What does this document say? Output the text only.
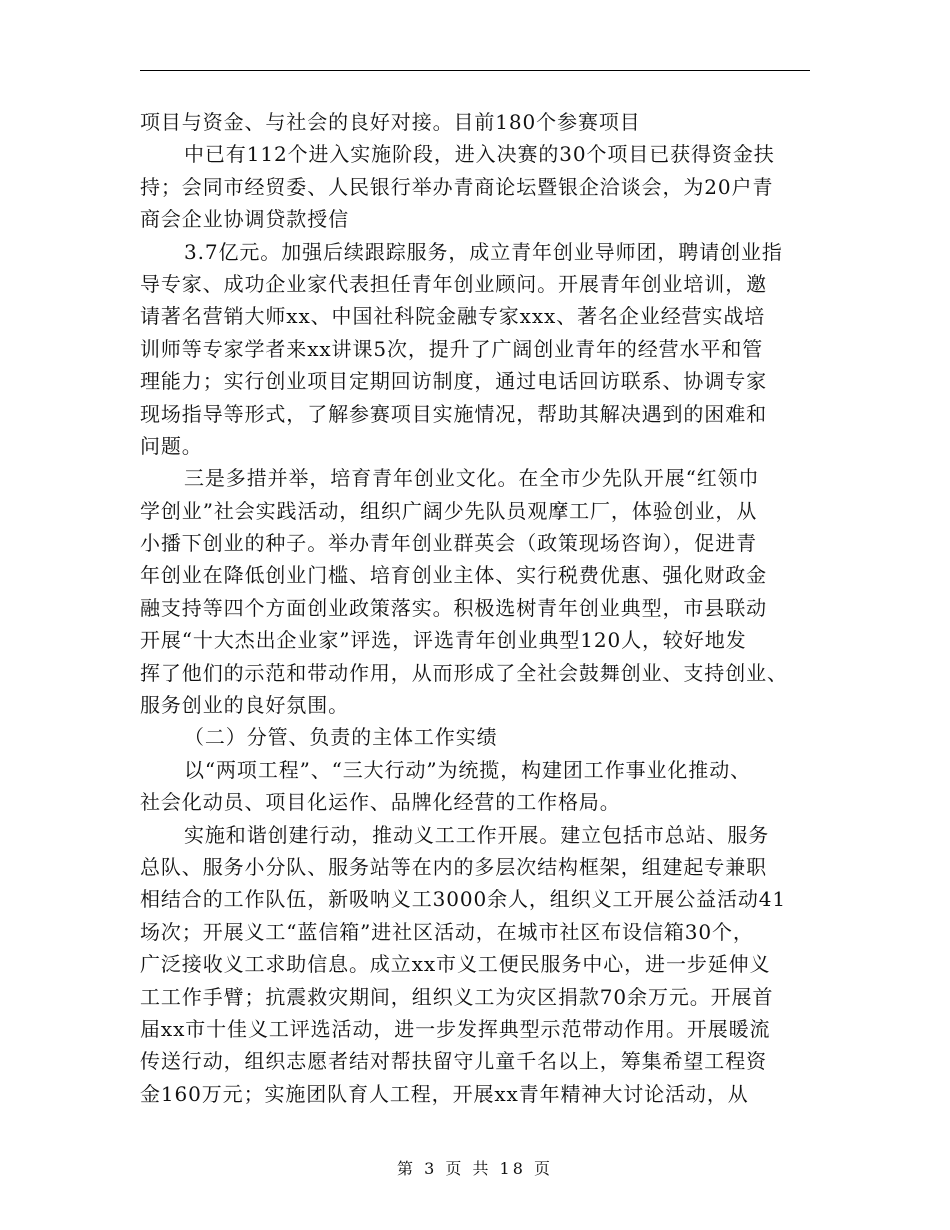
项目与资金、与社会的良好对接。目前180个参赛项目
中已有112个进入实施阶段，进入决赛的30个项目已获得资金扶
持；会同市经贸委、人民银行举办青商论坛暨银企洽谈会，为20户青
商会企业协调贷款授信
3.7亿元。加强后续跟踪服务，成立青年创业导师团，聘请创业指
导专家、成功企业家代表担任青年创业顾问。开展青年创业培训，邀
请著名营销大师xx、中国社科院金融专家xxx、著名企业经营实战培
训师等专家学者来xx讲课5次，提升了广阔创业青年的经营水平和管
理能力；实行创业项目定期回访制度，通过电话回访联系、协调专家
现场指导等形式，了解参赛项目实施情况，帮助其解决遇到的困难和
问题。
三是多措并举，培育青年创业文化。在全市少先队开展“红领巾
学创业”社会实践活动，组织广阔少先队员观摩工厂，体验创业，从
小播下创业的种子。举办青年创业群英会（政策现场咨询），促进青
年创业在降低创业门槛、培育创业主体、实行税费优惠、强化财政金
融支持等四个方面创业政策落实。积极选树青年创业典型，市县联动
开展“十大杰出企业家”评选，评选青年创业典型120人，较好地发
挥了他们的示范和带动作用，从而形成了全社会鼓舞创业、支持创业、
服务创业的良好氛围。
（二）分管、负责的主体工作实绩
以“两项工程”、“三大行动”为统揽，构建团工作事业化推动、
社会化动员、项目化运作、品牌化经营的工作格局。
实施和谐创建行动，推动义工工作开展。建立包括市总站、服务
总队、服务小分队、服务站等在内的多层次结构框架，组建起专兼职
相结合的工作队伍，新吸呐义工3000余人，组织义工开展公益活动41
场次；开展义工“蓝信箱”进社区活动，在城市社区布设信箱30个，
广泛接收义工求助信息。成立xx市义工便民服务中心，进一步延伸义
工工作手臂；抗震救灾期间，组织义工为灾区捐款70余万元。开展首
届xx市十佳义工评选活动，进一步发挥典型示范带动作用。开展暖流
传送行动，组织志愿者结对帮扶留守儿童千名以上，筹集希望工程资
金160万元；实施团队育人工程，开展xx青年精神大讨论活动，从
第 3 页 共 18 页
